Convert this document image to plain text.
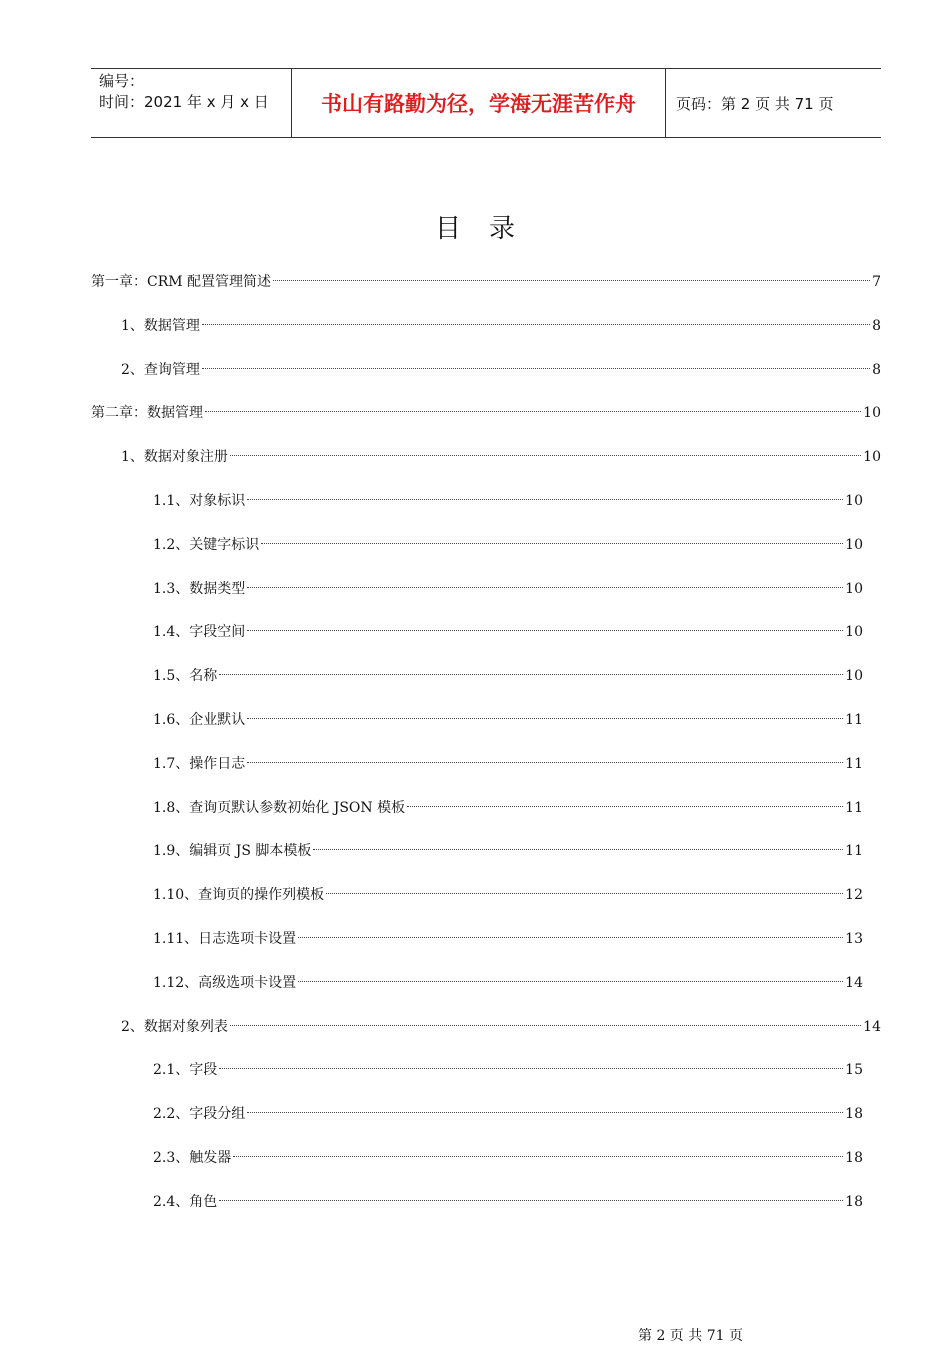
编号：
时间：2021 年 x 月 x 日	书山有路勤为径，学海无涯苦作舟	页码：第 2 页 共 71 页
目录
第一章：CRM 配置管理简述	7
1、数据管理	8
2、查询管理	8
第二章：数据管理	10
1、数据对象注册	10
1.1、对象标识	10
1.2、关键字标识	10
1.3、数据类型	10
1.4、字段空间	10
1.5、名称	10
1.6、企业默认	11
1.7、操作日志	11
1.8、查询页默认参数初始化 JSON 模板	11
1.9、编辑页 JS 脚本模板	11
1.10、查询页的操作列模板	12
1.11、日志选项卡设置	13
1.12、高级选项卡设置	14
2、数据对象列表	14
2.1、字段	15
2.2、字段分组	18
2.3、触发器	18
2.4、角色	18
第 2 页 共 71 页
